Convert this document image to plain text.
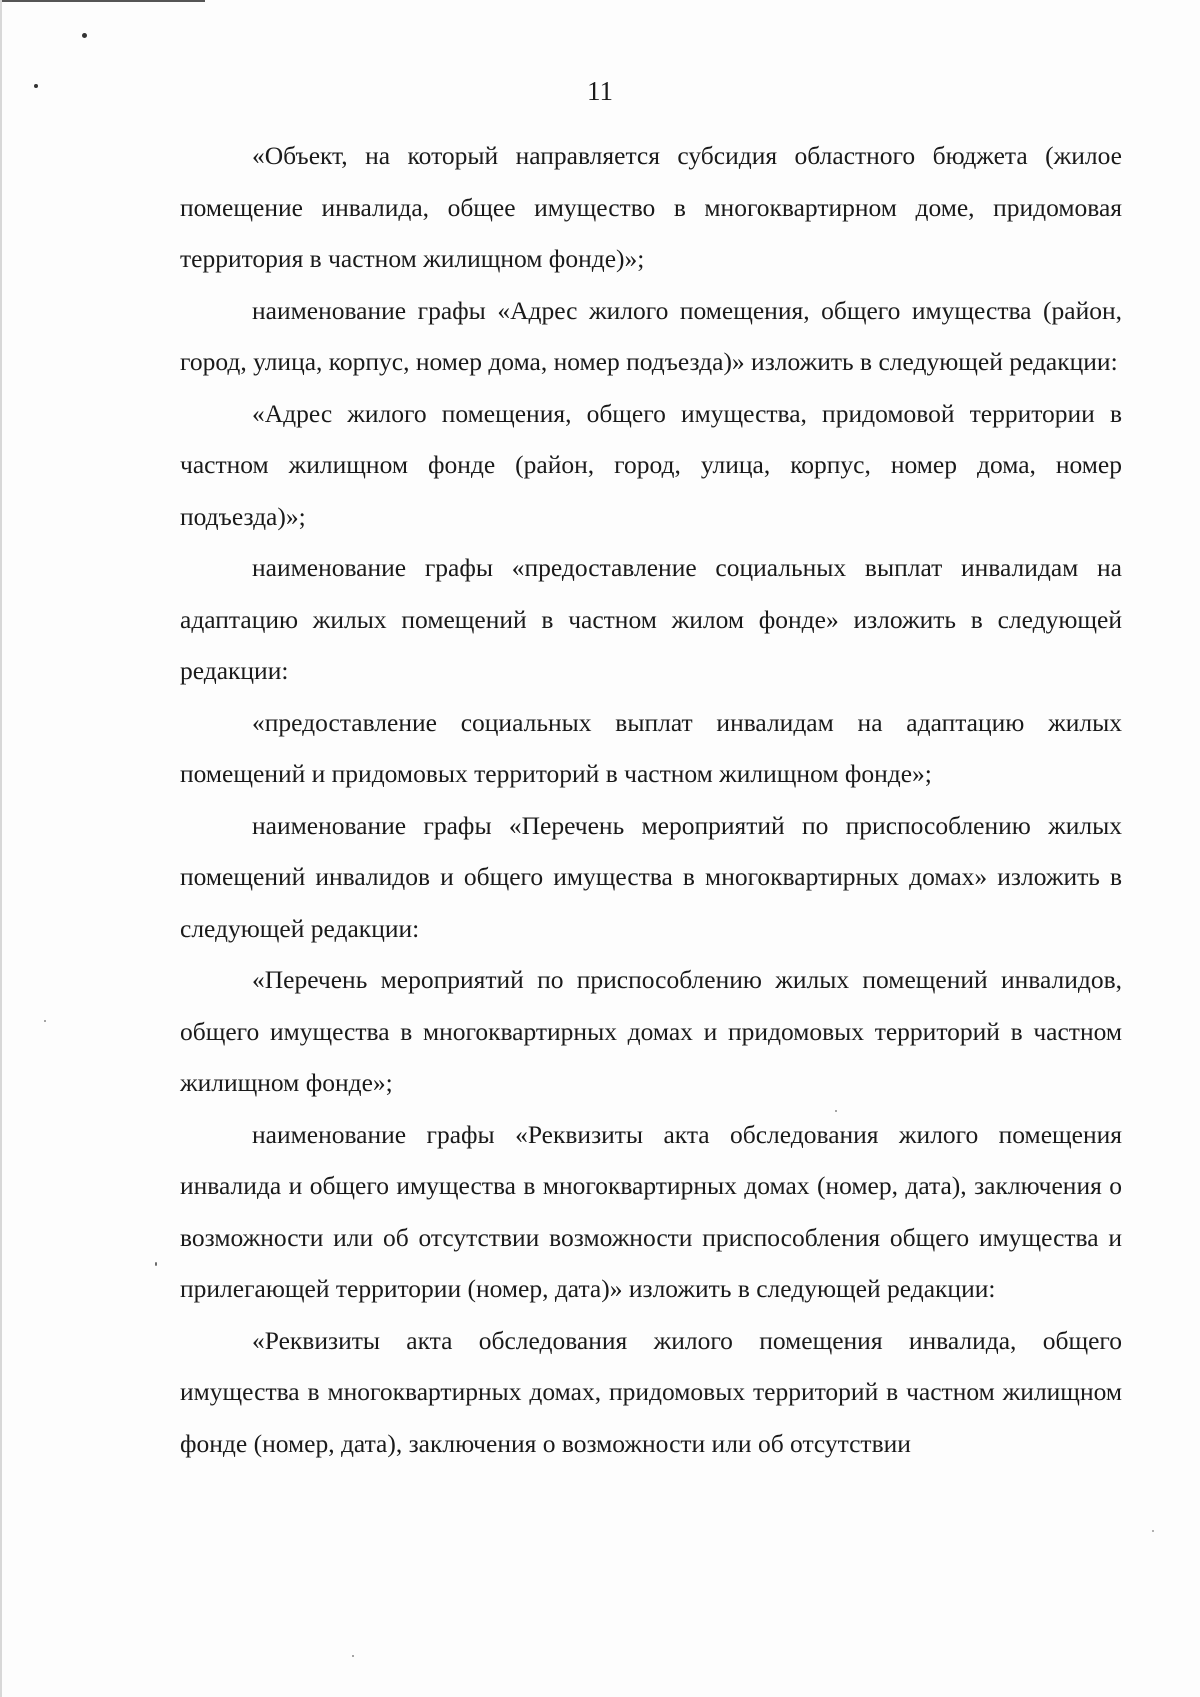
11

«Объект, на который направляется субсидия областного бюджета (жилое помещение инвалида, общее имущество в многоквартирном доме, придомовая территория в частном жилищном фонде)»;

наименование графы «Адрес жилого помещения, общего имущества (район, город, улица, корпус, номер дома, номер подъезда)» изложить в следующей редакции:

«Адрес жилого помещения, общего имущества, придомовой территории в частном жилищном фонде (район, город, улица, корпус, номер дома, номер подъезда)»;

наименование графы «предоставление социальных выплат инвалидам на адаптацию жилых помещений в частном жилом фонде» изложить в следующей редакции:

«предоставление социальных выплат инвалидам на адаптацию жилых помещений и придомовых территорий в частном жилищном фонде»;

наименование графы «Перечень мероприятий по приспособлению жилых помещений инвалидов и общего имущества в многоквартирных домах» изложить в следующей редакции:

«Перечень мероприятий по приспособлению жилых помещений инвалидов, общего имущества в многоквартирных домах и придомовых территорий в частном жилищном фонде»;

наименование графы «Реквизиты акта обследования жилого помещения инвалида и общего имущества в многоквартирных домах (номер, дата), заключения о возможности или об отсутствии возможности приспособления общего имущества и прилегающей территории (номер, дата)» изложить в следующей редакции:

«Реквизиты акта обследования жилого помещения инвалида, общего имущества в многоквартирных домах, придомовых территорий в частном жилищном фонде (номер, дата), заключения о возможности или об отсутствии
